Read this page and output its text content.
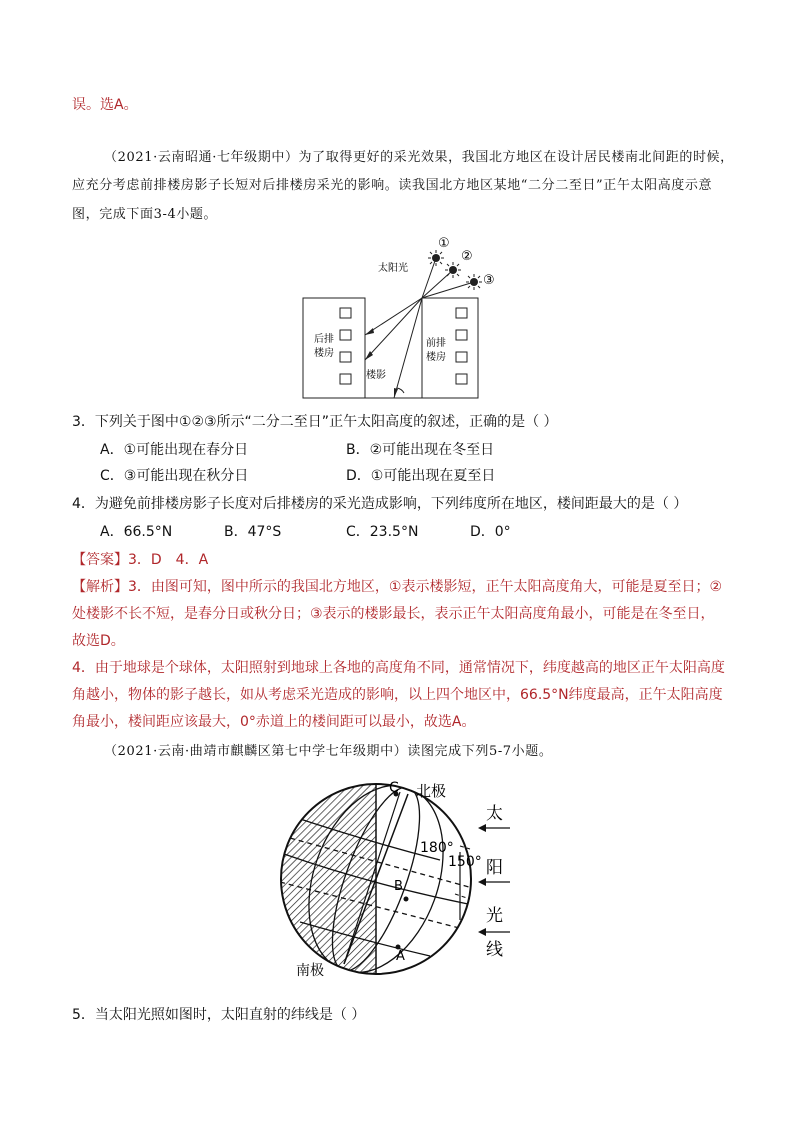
误。选A。
（2021·云南昭通·七年级期中）为了取得更好的采光效果，我国北方地区在设计居民楼南北间距的时候，
应充分考虑前排楼房影子长短对后排楼房采光的影响。读我国北方地区某地“二分二至日”正午太阳高度示意
图，完成下面3-4小题。
后排
楼房
前排
楼房
楼影
①
②
③
太阳光
3．下列关于图中①②③所示“二分二至日”正午太阳高度的叙述，正确的是（ ）
A．①可能出现在春分日	B．②可能出现在冬至日
C．③可能出现在秋分日	D．①可能出现在夏至日
4．为避免前排楼房影子长度对后排楼房的采光造成影响，下列纬度所在地区，楼间距最大的是（ ）
A．66.5°N	B．47°S	C．23.5°N	D．0°
【答案】3．D　4．A
【解析】3．由图可知，图中所示的我国北方地区，①表示楼影短，正午太阳高度角大，可能是夏至日；②
处楼影不长不短，是春分日或秋分日；③表示的楼影最长，表示正午太阳高度角最小，可能是在冬至日，
故选D。
4．由于地球是个球体，太阳照射到地球上各地的高度角不同，通常情况下，纬度越高的地区正午太阳高度
角越小，物体的影子越长，如从考虑采光造成的影响，以上四个地区中，66.5°N纬度最高，正午太阳高度
角最小，楼间距应该最大，0°赤道上的楼间距可以最小，故选A。
（2021·云南·曲靖市麒麟区第七中学七年级期中）读图完成下列5-7小题。
C
B
A
北极
南极
180°
150°
太
阳
光
线
5．当太阳光照如图时，太阳直射的纬线是（ ）
